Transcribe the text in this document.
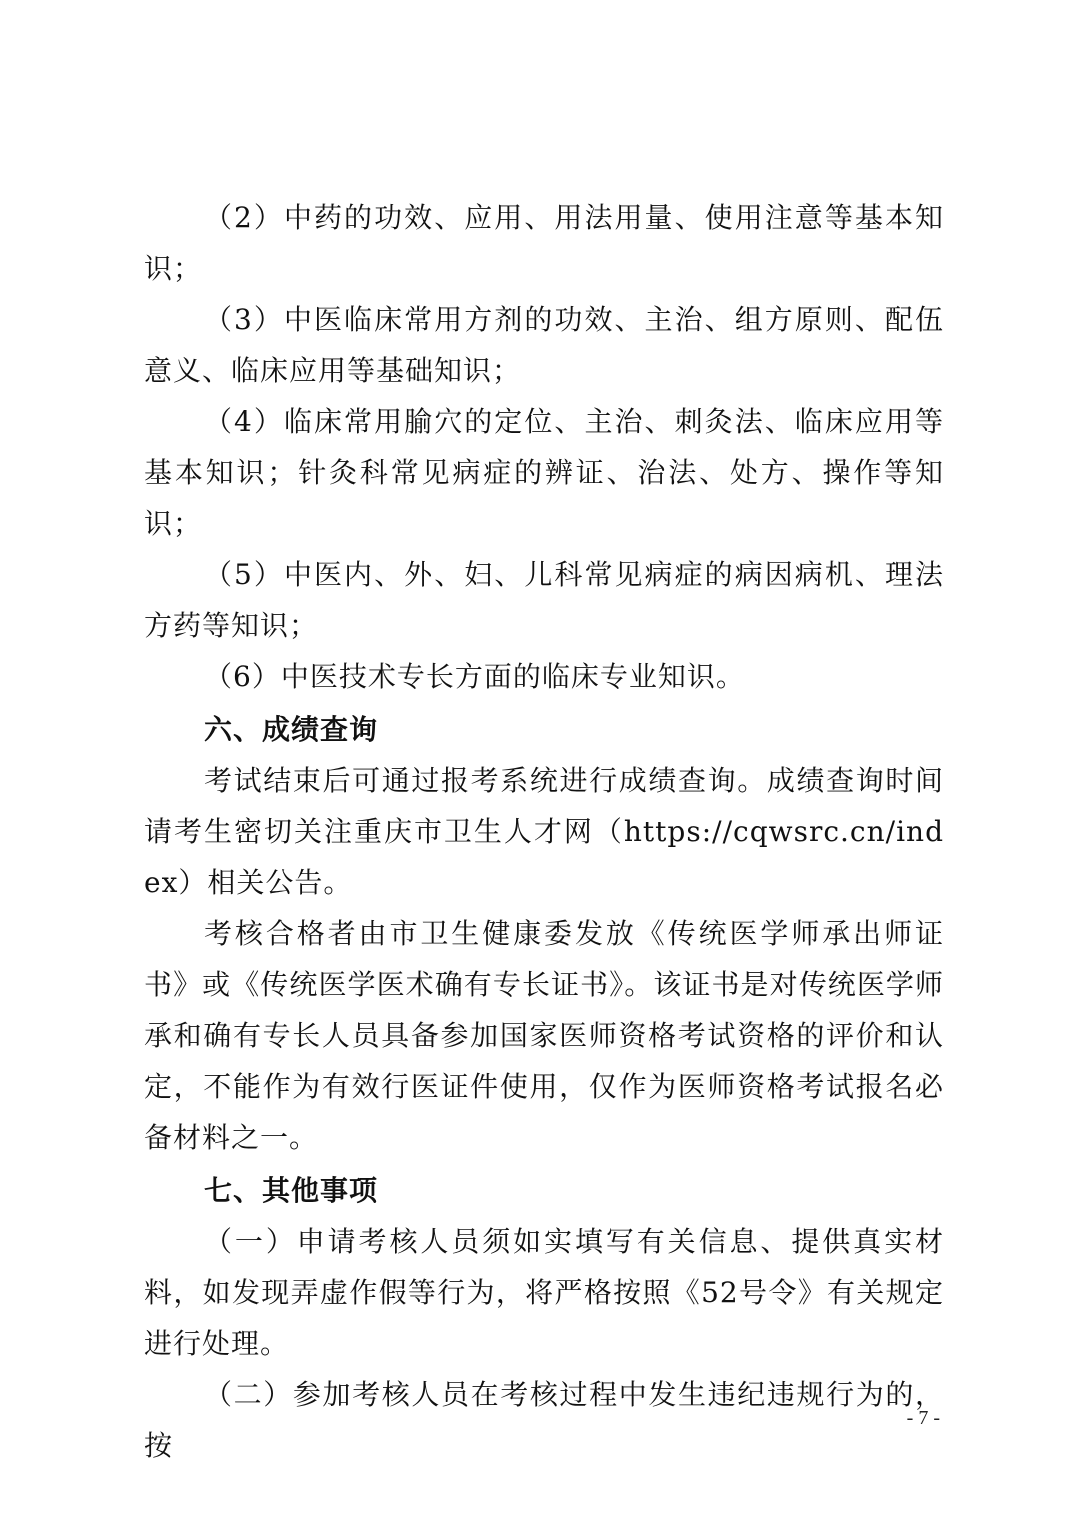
（2）中药的功效、应用、用法用量、使用注意等基本知识；

（3）中医临床常用方剂的功效、主治、组方原则、配伍意义、临床应用等基础知识；

（4）临床常用腧穴的定位、主治、刺灸法、临床应用等基本知识；针灸科常见病症的辨证、治法、处方、操作等知识；

（5）中医内、外、妇、儿科常见病症的病因病机、理法方药等知识；

（6）中医技术专长方面的临床专业知识。

六、成绩查询

考试结束后可通过报考系统进行成绩查询。成绩查询时间请考生密切关注重庆市卫生人才网（https://cqwsrc.cn/index）相关公告。

考核合格者由市卫生健康委发放《传统医学师承出师证书》或《传统医学医术确有专长证书》。该证书是对传统医学师承和确有专长人员具备参加国家医师资格考试资格的评价和认定，不能作为有效行医证件使用，仅作为医师资格考试报名必备材料之一。

七、其他事项

（一）申请考核人员须如实填写有关信息、提供真实材料，如发现弄虚作假等行为，将严格按照《52号令》有关规定进行处理。

（二）参加考核人员在考核过程中发生违纪违规行为的，按

- 7 -
